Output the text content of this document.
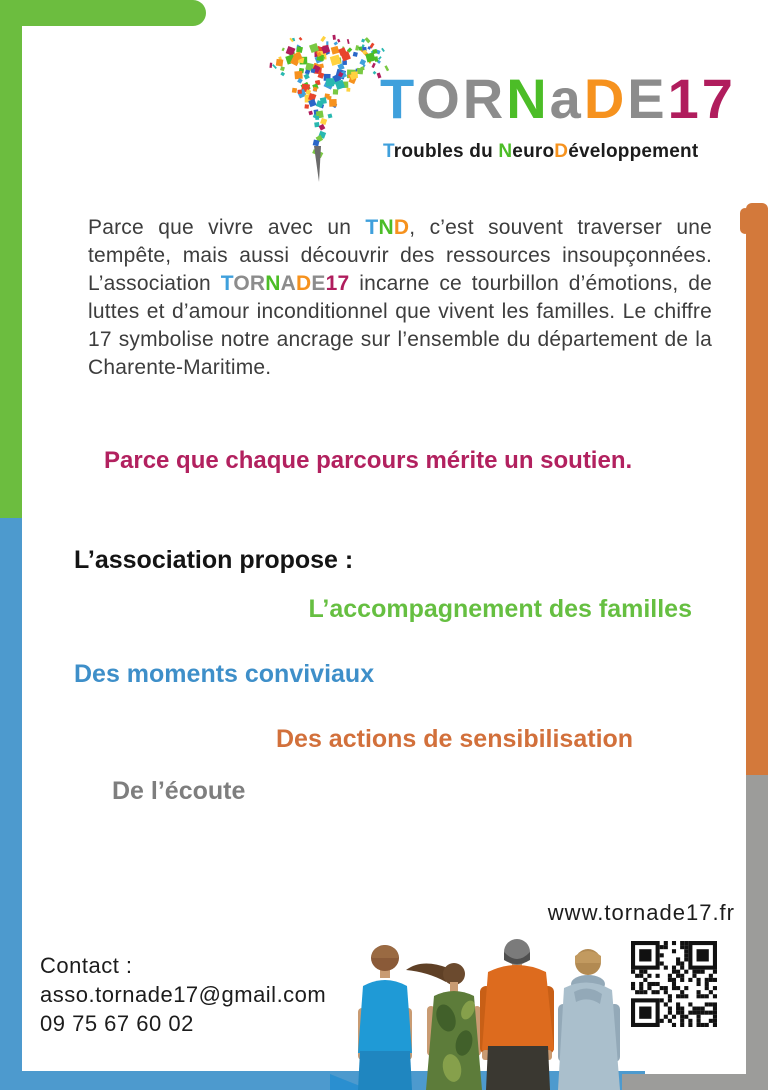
TORNaDE17
Troubles du NeuroDéveloppement
Parce que vivre avec un TND, c’est souvent traverser une tempête, mais aussi découvrir des ressources insoupçonnées. L’association TORNADE17 incarne ce tourbillon d’émotions, de luttes et d’amour inconditionnel que vivent les familles. Le chiffre 17 symbolise notre ancrage sur l’ensemble du département de la Charente-Maritime.
Parce que chaque parcours mérite un soutien.
L’association propose :
L’accompagnement des familles
Des moments conviviaux
Des actions de sensibilisation
De l’écoute
www.tornade17.fr
Contact :
asso.tornade17@gmail.com
09 75 67 60 02
